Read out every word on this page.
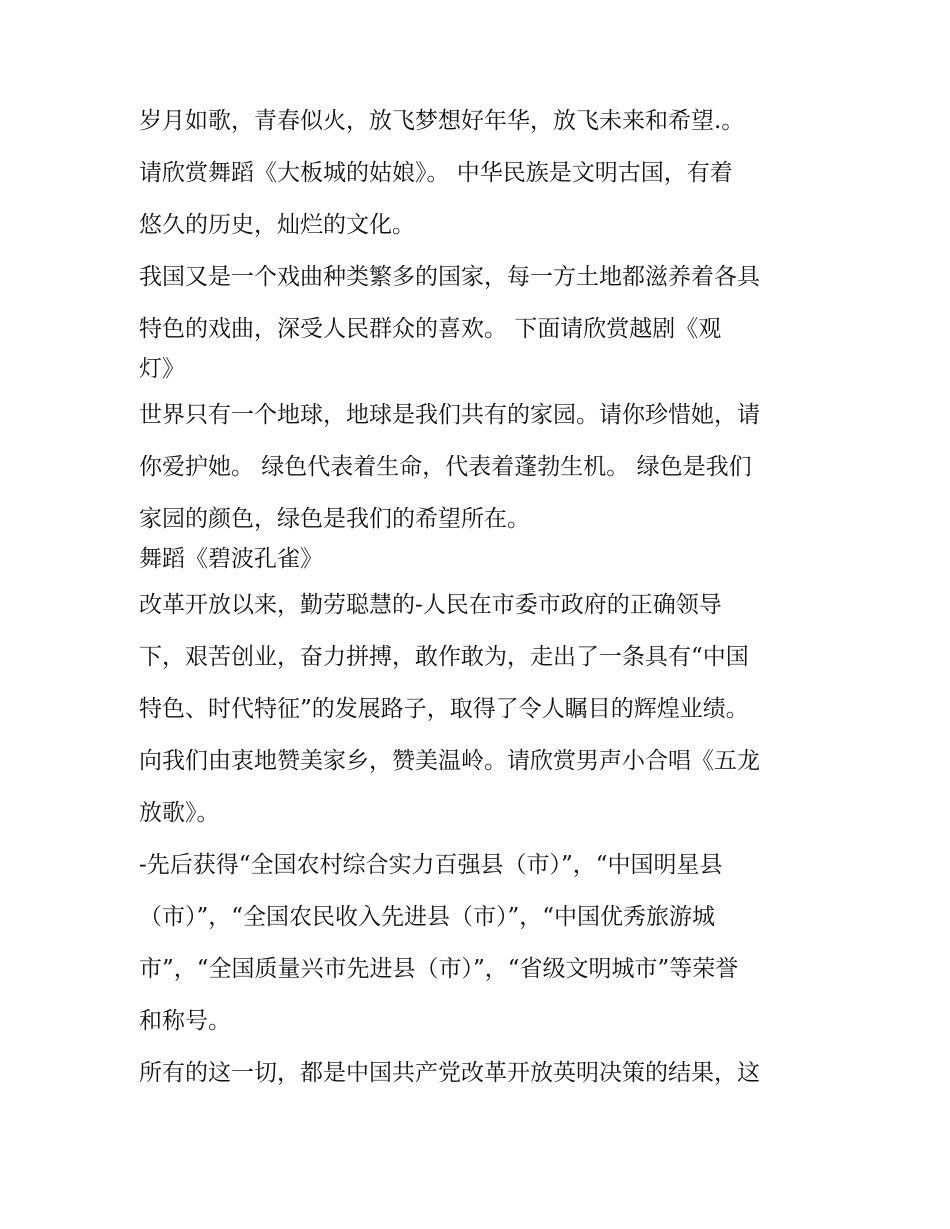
岁月如歌，青春似火，放飞梦想好年华，放飞未来和希望.。
请欣赏舞蹈《大板城的姑娘》。 中华民族是文明古国，有着
悠久的历史，灿烂的文化。
我国又是一个戏曲种类繁多的国家，每一方土地都滋养着各具
特色的戏曲，深受人民群众的喜欢。 下面请欣赏越剧《观
灯》
世界只有一个地球，地球是我们共有的家园。请你珍惜她，请
你爱护她。 绿色代表着生命，代表着蓬勃生机。 绿色是我们
家园的颜色，绿色是我们的希望所在。
舞蹈《碧波孔雀》
改革开放以来，勤劳聪慧的-人民在市委市政府的正确领导
下，艰苦创业，奋力拼搏，敢作敢为，走出了一条具有“中国
特色、时代特征”的发展路子，取得了令人瞩目的辉煌业绩。
向我们由衷地赞美家乡，赞美温岭。请欣赏男声小合唱《五龙
放歌》。
-先后获得“全国农村综合实力百强县（市）”，“中国明星县
（市）”，“全国农民收入先进县（市）”，“中国优秀旅游城
市”，“全国质量兴市先进县（市）”，“省级文明城市”等荣誉
和称号。
所有的这一切，都是中国共产党改革开放英明决策的结果，这
